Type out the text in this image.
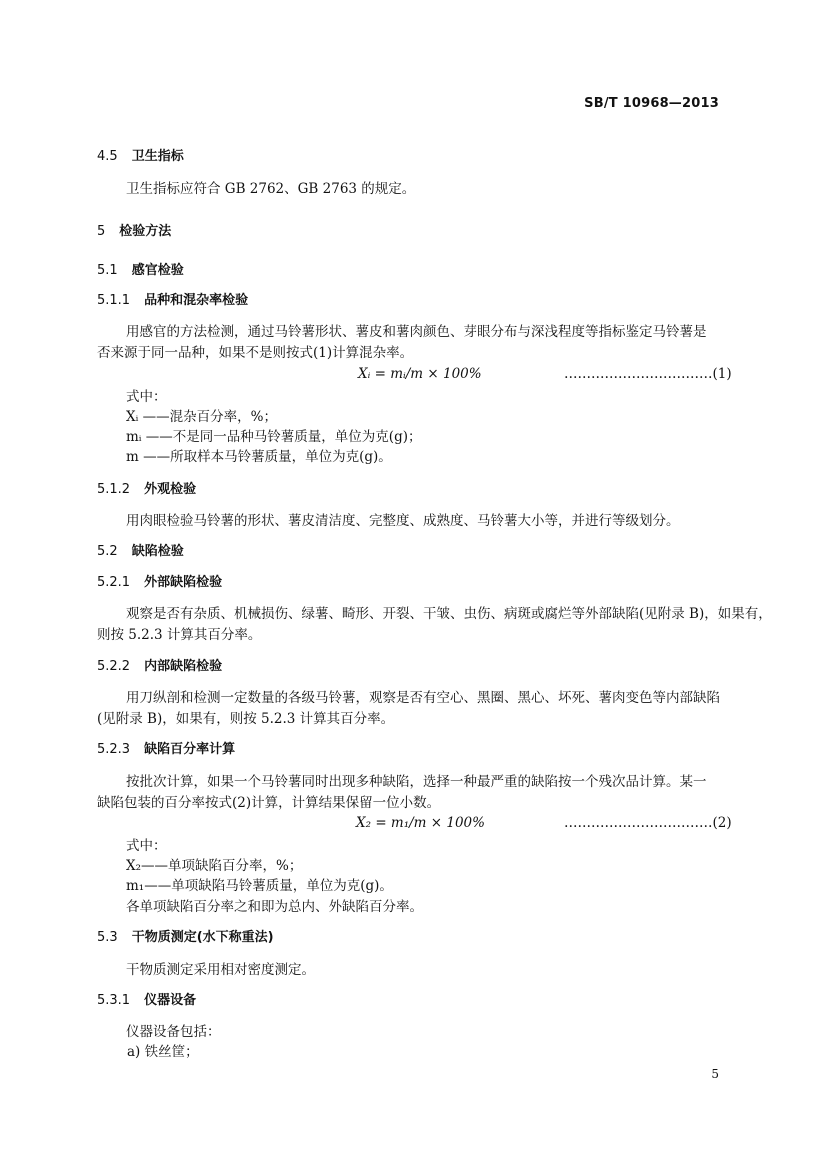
SB/T 10968—2013
4.5 卫生指标
卫生指标应符合 GB 2762、GB 2763 的规定。
5 检验方法
5.1 感官检验
5.1.1 品种和混杂率检验
用感官的方法检测，通过马铃薯形状、薯皮和薯肉颜色、芽眼分布与深浅程度等指标鉴定马铃薯是
否来源于同一品种，如果不是则按式(1)计算混杂率。
Xᵢ = mᵢ/m × 100%	……………………………(1)
式中：
Xᵢ ——混杂百分率，%；
mᵢ ——不是同一品种马铃薯质量，单位为克(g)；
m ——所取样本马铃薯质量，单位为克(g)。
5.1.2 外观检验
用肉眼检验马铃薯的形状、薯皮清洁度、完整度、成熟度、马铃薯大小等，并进行等级划分。
5.2 缺陷检验
5.2.1 外部缺陷检验
观察是否有杂质、机械损伤、绿薯、畸形、开裂、干皱、虫伤、病斑或腐烂等外部缺陷(见附录 B)，如果有，
则按 5.2.3 计算其百分率。
5.2.2 内部缺陷检验
用刀纵剖和检测一定数量的各级马铃薯，观察是否有空心、黑圈、黑心、坏死、薯肉变色等内部缺陷
(见附录 B)，如果有，则按 5.2.3 计算其百分率。
5.2.3 缺陷百分率计算
按批次计算，如果一个马铃薯同时出现多种缺陷，选择一种最严重的缺陷按一个残次品计算。某一
缺陷包装的百分率按式(2)计算，计算结果保留一位小数。
X₂ = m₁/m × 100%	……………………………(2)
式中：
X₂——单项缺陷百分率，%；
m₁——单项缺陷马铃薯质量，单位为克(g)。
各单项缺陷百分率之和即为总内、外缺陷百分率。
5.3 干物质测定(水下称重法)
干物质测定采用相对密度测定。
5.3.1 仪器设备
仪器设备包括：
a) 铁丝筐；
5
